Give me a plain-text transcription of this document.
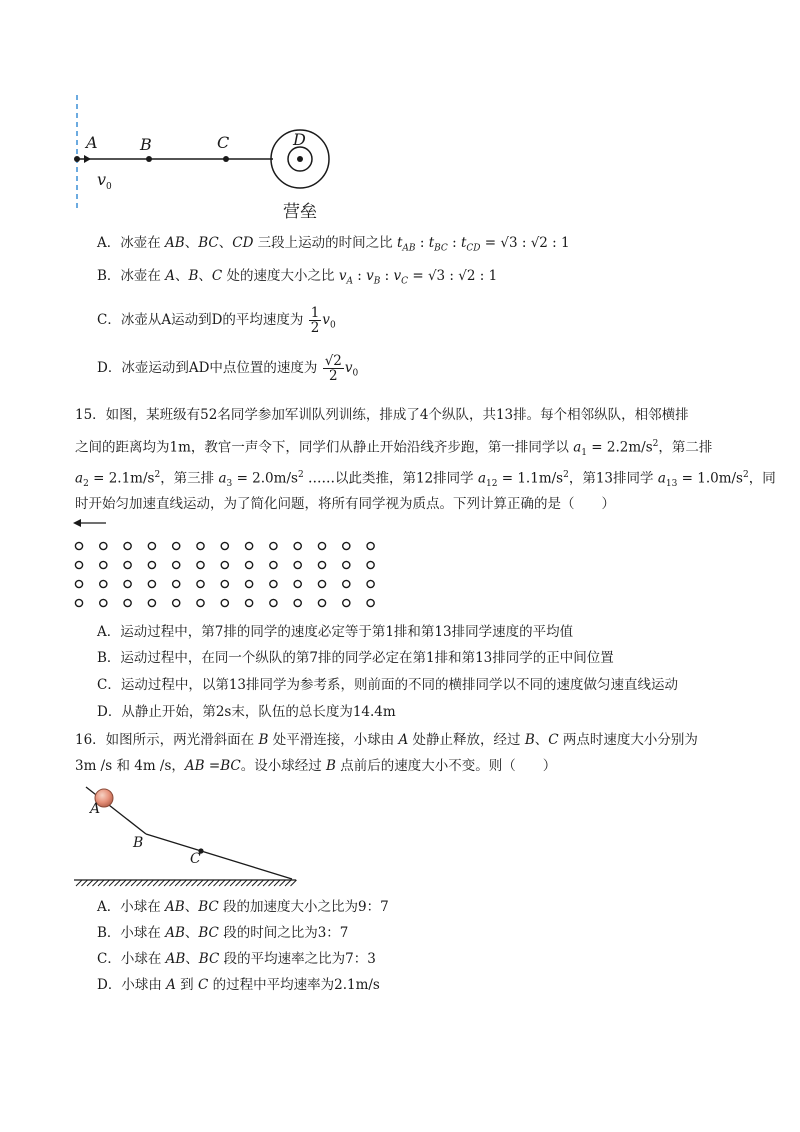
A	B	C	D
$v_0$
营垒
A．冰壶在 AB、BC、CD 三段上运动的时间之比 $t_{AB}$ : $t_{BC}$ : $t_{CD} = √3$ : √2 : 1
B．冰壶在 A、B、C 处的速度大小之比 $v_A$ : $v_B$ : $v_C = √3$ : √2 : 1
C．冰壶从A运动到D的平均速度为 $\frac{1}{2} v_0$
D．冰壶运动到AD中点位置的速度为 $\frac{√2}{2} v_0$
15．如图，某班级有52名同学参加军训队列训练，排成了4个纵队，共13排。每个相邻纵队，相邻横排
之间的距离均为1m，教官一声令下，同学们从静止开始沿线齐步跑，第一排同学以 $a_1 = 2.2m/s^2$，第二排
$a_2 = 2.1m/s^2$，第三排 $a_3 = 2.0m/s^2$ ……以此类推，第12排同学 $a_{12} = 1.1m/s^2$，第13排同学 $a_{13} = 1.0m/s^2$，同
时开始匀加速直线运动，为了简化问题，将所有同学视为质点。下列计算正确的是（　　）
A．运动过程中，第7排的同学的速度必定等于第1排和第13排同学速度的平均值
B．运动过程中，在同一个纵队的第7排的同学必定在第1排和第13排同学的正中间位置
C．运动过程中，以第13排同学为参考系，则前面的不同的横排同学以不同的速度做匀速直线运动
D．从静止开始，第2s末，队伍的总长度为14.4m
16．如图所示，两光滑斜面在 B 处平滑连接，小球由 A 处静止释放，经过 B、C 两点时速度大小分别为
3m /s 和 4m /s，AB =BC。设小球经过 B 点前后的速度大小不变。则（　　）
A
B
C
A．小球在 AB、BC 段的加速度大小之比为9：7
B．小球在 AB、BC 段的时间之比为3：7
C．小球在 AB、BC 段的平均速率之比为7：3
D．小球由 A 到 C 的过程中平均速率为2.1m/s
